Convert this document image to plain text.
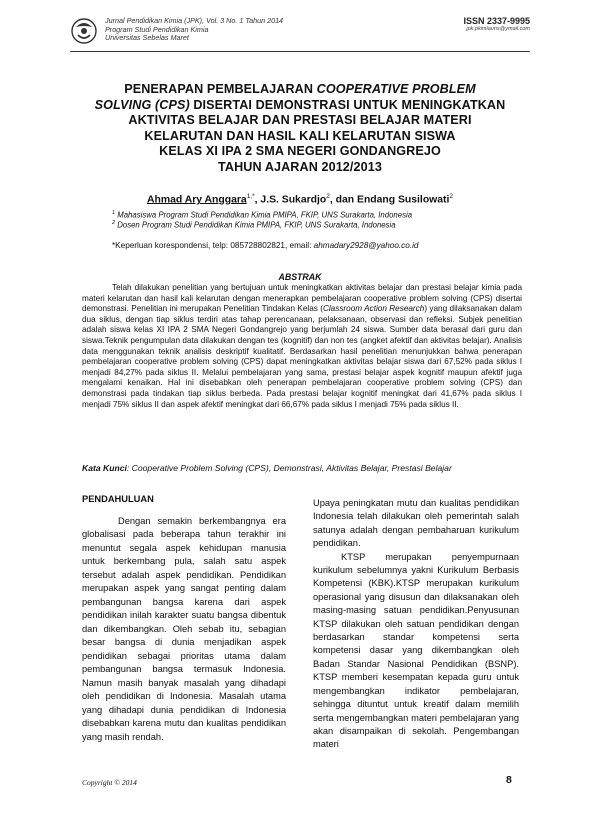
Jurnal Pendidikan Kimia (JPK), Vol. 3 No. 1 Tahun 2014
Program Studi Pendidikan Kimia
Universitas Sebelas Maret
ISSN 2337-9995
jpk.pkimiauns@ymail.com
PENERAPAN PEMBELAJARAN COOPERATIVE PROBLEM
SOLVING (CPS) DISERTAI DEMONSTRASI UNTUK MENINGKATKAN
AKTIVITAS BELAJAR DAN PRESTASI BELAJAR MATERI
KELARUTAN DAN HASIL KALI KELARUTAN SISWA
KELAS XI IPA 2 SMA NEGERI GONDANGREJO
TAHUN AJARAN 2012/2013
Ahmad Ary Anggara$^{1,*}$, J.S. Sukardjo$^2$, dan Endang Susilowati$^2$
$^1$ Mahasiswa Program Studi Pendidikan Kimia PMIPA, FKIP, UNS Surakarta, Indonesia
$^2$ Dosen Program Studi Pendidikan Kimia PMIPA, FKIP, UNS Surakarta, Indonesia
*Keperluan korespondensi, telp: 085728802821, email: ahmadary2928@yahoo.co.id
ABSTRAK
Telah dilakukan penelitian yang bertujuan untuk meningkatkan aktivitas belajar dan prestasi belajar kimia pada materi kelarutan dan hasil kali kelarutan dengan menerapkan pembelajaran cooperative problem solving (CPS) disertai demonstrasi. Penelitian ini merupakan Penelitian Tindakan Kelas (Classroom Action Research) yang dilaksanakan dalam dua siklus, dengan tiap siklus terdiri atas tahap perencanaan, pelaksanaan, observasi dan refleksi. Subjek penelitian adalah siswa kelas XI IPA 2 SMA Negeri Gondangrejo yang berjumlah 24 siswa. Sumber data berasal dari guru dan siswa.Teknik pengumpulan data dilakukan dengan tes (kognitif) dan non tes (angket afektif dan aktivitas belajar). Analisis data menggunakan teknik analisis deskriptif kualitatif. Berdasarkan hasil penelitian menunjukkan bahwa penerapan pembelajaran cooperative problem solving (CPS) dapat meningkatkan aktivitas belajar siswa dari 67,52% pada siklus I menjadi 84,27% pada siklus II. Melalui pembelajaran yang sama, prestasi belajar aspek kognitif maupun afektif juga mengalami kenaikan. Hal ini disebabkan oleh penerapan pembelajaran cooperative problem solving (CPS) dan demonstrasi pada tindakan tiap siklus berbeda. Pada prestasi belajar kognitif meningkat dari 41,67% pada siklus I menjadi 75% siklus II dan aspek afektif meningkat dari 66,67% pada siklus I menjadi 75% pada siklus II.
Kata Kunci: Cooperative Problem Solving (CPS), Demonstrasi, Aktivitas Belajar, Prestasi Belajar
PENDAHULUAN

Dengan semakin berkembangnya era globalisasi pada beberapa tahun terakhir ini menuntut segala aspek kehidupan manusia untuk berkembang pula, salah satu aspek tersebut adalah aspek pendidikan. Pendidikan merupakan aspek yang sangat penting dalam pembangunan bangsa karena dari aspek pendidikan inilah karakter suatu bangsa dibentuk dan dikembangkan. Oleh sebab itu, sebagian besar bangsa di dunia menjadikan aspek pendidikan sebagai prioritas utama dalam pembangunan bangsa termasuk Indonesia. Namun masih banyak masalah yang dihadapi oleh pendidikan di Indonesia. Masalah utama yang dihadapi dunia pendidikan di Indonesia disebabkan karena mutu dan kualitas pendidikan yang masih rendah.

Upaya peningkatan mutu dan kualitas pendidikan Indonesia telah dilakukan oleh pemerintah salah satunya adalah dengan pembaharuan kurikulum pendidikan.

KTSP merupakan penyempurnaan kurikulum sebelumnya yakni Kurikulum Berbasis Kompetensi (KBK).KTSP merupakan kurikulum operasional yang disusun dan dilaksanakan oleh masing-masing satuan pendidikan.Penyusunan KTSP dilakukan oleh satuan pendidikan dengan berdasarkan standar kompetensi serta kompetensi dasar yang dikembangkan oleh Badan Standar Nasional Pendidikan (BSNP). KTSP memberi kesempatan kepada guru untuk mengembangkan indikator pembelajaran, sehingga dituntut untuk kreatif dalam memilih serta mengembangkan materi pembelajaran yang akan disampaikan di sekolah. Pengembangan materi

Copyright © 2014	8
